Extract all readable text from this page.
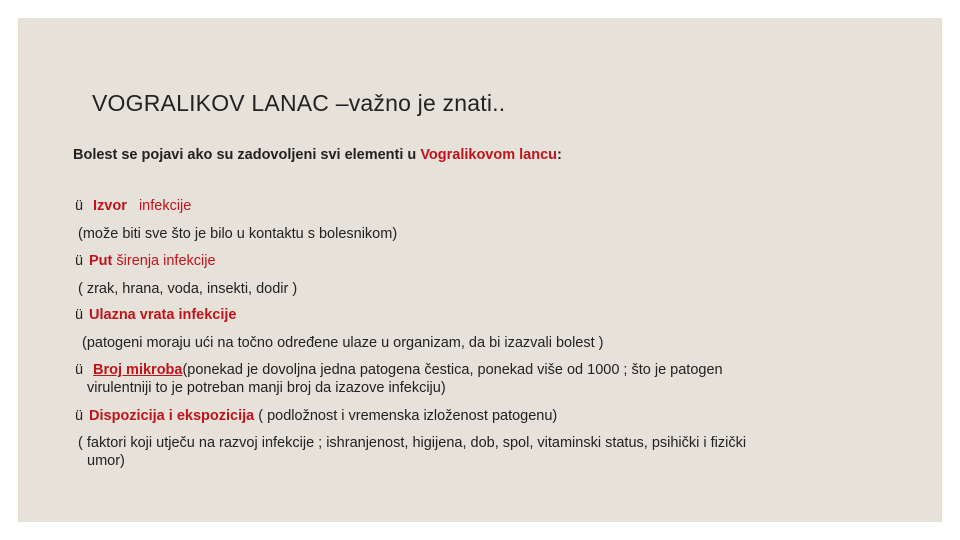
VOGRALIKOV LANAC –važno je znati..
Bolest se pojavi ako su zadovoljeni svi elementi u Vogralikovom lancu:
ü Izvor   infekcije
(može biti sve što je bilo u kontaktu s bolesnikom)
ü Put širenja infekcije
( zrak, hrana, voda, insekti, dodir )
ü Ulazna vrata infekcije
(patogeni moraju ući na točno određene ulaze u organizam, da bi izazvali bolest )
ü Broj mikroba(ponekad je dovoljna jedna patogena čestica, ponekad više od 1000 ; što je patogen
virulentniji to je potreban manji broj da izazove infekciju)
ü Dispozicija i ekspozicija ( podložnost i vremenska izloženost patogenu)
( faktori koji utječu na razvoj infekcije ; ishranjenost, higijena, dob, spol, vitaminski status, psihički i fizički
umor)
